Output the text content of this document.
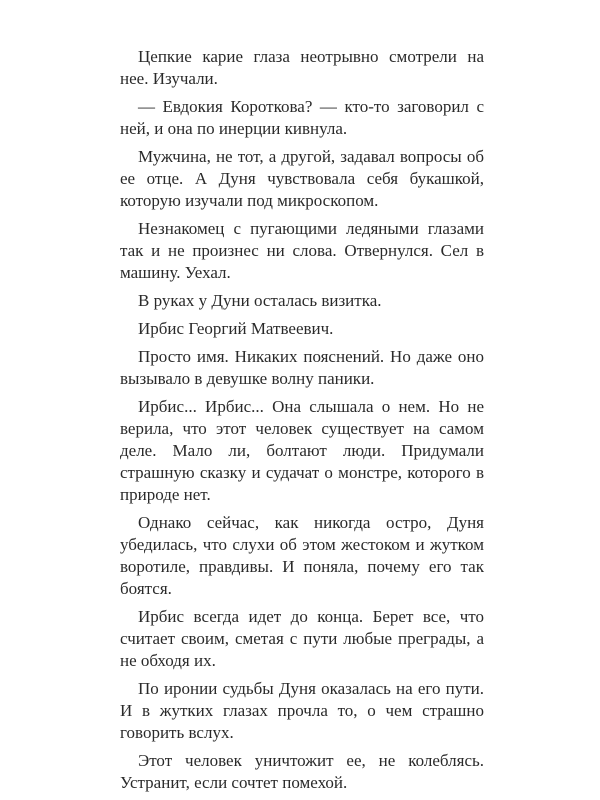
Цепкие карие глаза неотрывно смотрели на нее. Изучали.

— Евдокия Короткова? — кто-то заговорил с ней, и она по инерции кивнула.

Мужчина, не тот, а другой, задавал вопросы об ее отце. А Дуня чувствовала себя букашкой, которую изучали под микроскопом.

Незнакомец с пугающими ледяными глазами так и не произнес ни слова. Отвернулся. Сел в машину. Уехал.

В руках у Дуни осталась визитка.

Ирбис Георгий Матвеевич.

Просто имя. Никаких пояснений. Но даже оно вызывало в девушке волну паники.

Ирбис... Ирбис... Она слышала о нем. Но не верила, что этот человек существует на самом деле. Мало ли, болтают люди. Придумали страшную сказку и судачат о монстре, которого в природе нет.

Однако сейчас, как никогда остро, Дуня убедилась, что слухи об этом жестоком и жутком воротиле, правдивы. И поняла, почему его так боятся.

Ирбис всегда идет до конца. Берет все, что считает своим, сметая с пути любые преграды, а не обходя их.

По иронии судьбы Дуня оказалась на его пути. И в жутких глазах прочла то, о чем страшно говорить вслух.

Этот человек уничтожит ее, не колеблясь. Устранит, если сочтет помехой.
